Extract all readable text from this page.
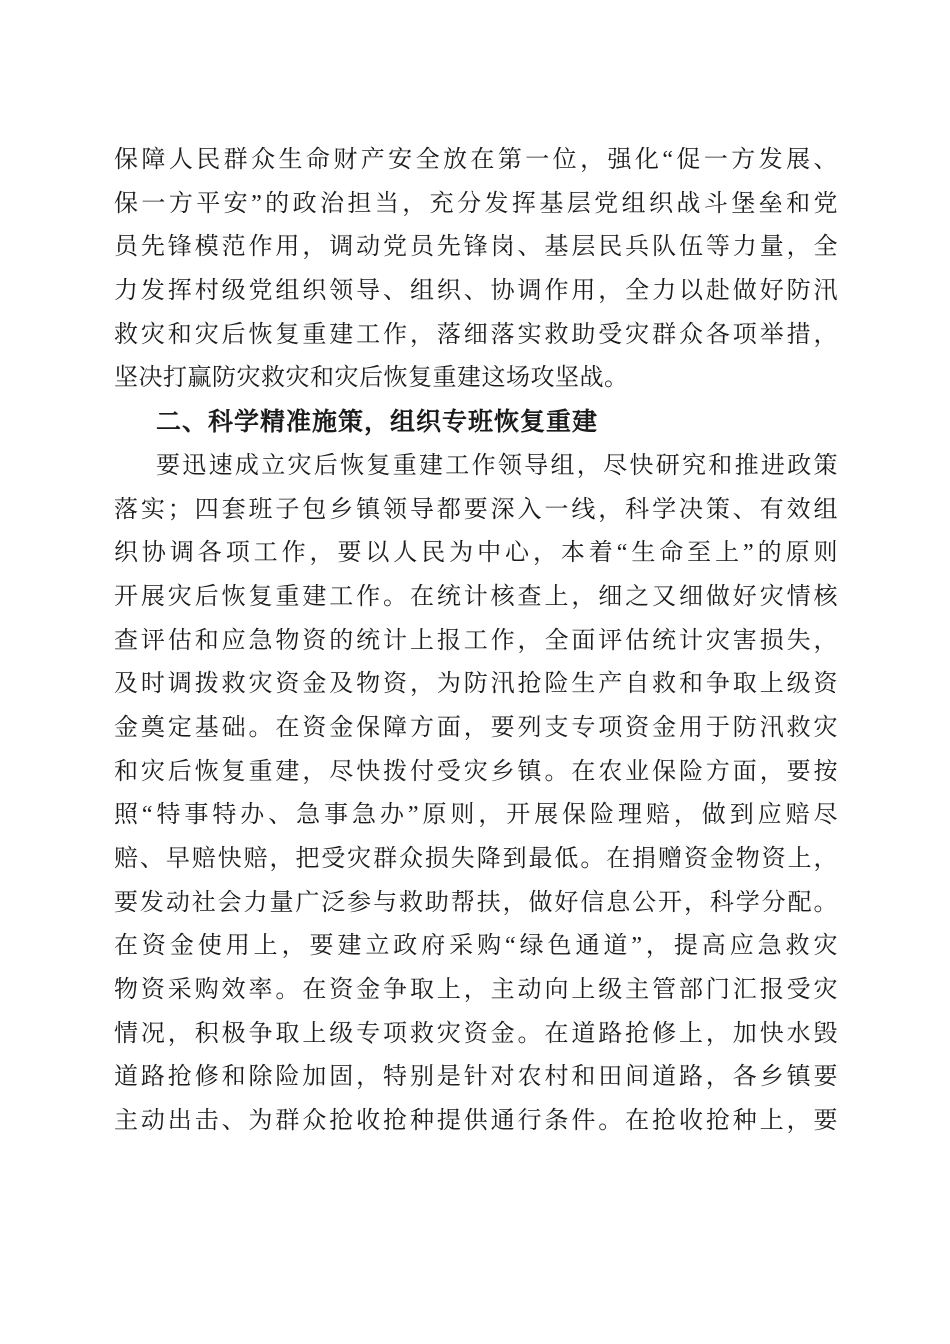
保障人民群众生命财产安全放在第一位，强化“促一方发展、
保一方平安”的政治担当，充分发挥基层党组织战斗堡垒和党
员先锋模范作用，调动党员先锋岗、基层民兵队伍等力量，全
力发挥村级党组织领导、组织、协调作用，全力以赴做好防汛
救灾和灾后恢复重建工作，落细落实救助受灾群众各项举措，
坚决打赢防灾救灾和灾后恢复重建这场攻坚战。
二、科学精准施策，组织专班恢复重建
要迅速成立灾后恢复重建工作领导组，尽快研究和推进政策
落实；四套班子包乡镇领导都要深入一线，科学决策、有效组
织协调各项工作，要以人民为中心，本着“生命至上”的原则
开展灾后恢复重建工作。在统计核查上，细之又细做好灾情核
查评估和应急物资的统计上报工作，全面评估统计灾害损失，
及时调拨救灾资金及物资，为防汛抢险生产自救和争取上级资
金奠定基础。在资金保障方面，要列支专项资金用于防汛救灾
和灾后恢复重建，尽快拨付受灾乡镇。在农业保险方面，要按
照“特事特办、急事急办”原则，开展保险理赔，做到应赔尽
赔、早赔快赔，把受灾群众损失降到最低。在捐赠资金物资上，
要发动社会力量广泛参与救助帮扶，做好信息公开，科学分配。
在资金使用上，要建立政府采购“绿色通道”，提高应急救灾
物资采购效率。在资金争取上，主动向上级主管部门汇报受灾
情况，积极争取上级专项救灾资金。在道路抢修上，加快水毁
道路抢修和除险加固，特别是针对农村和田间道路，各乡镇要
主动出击、为群众抢收抢种提供通行条件。在抢收抢种上，要
